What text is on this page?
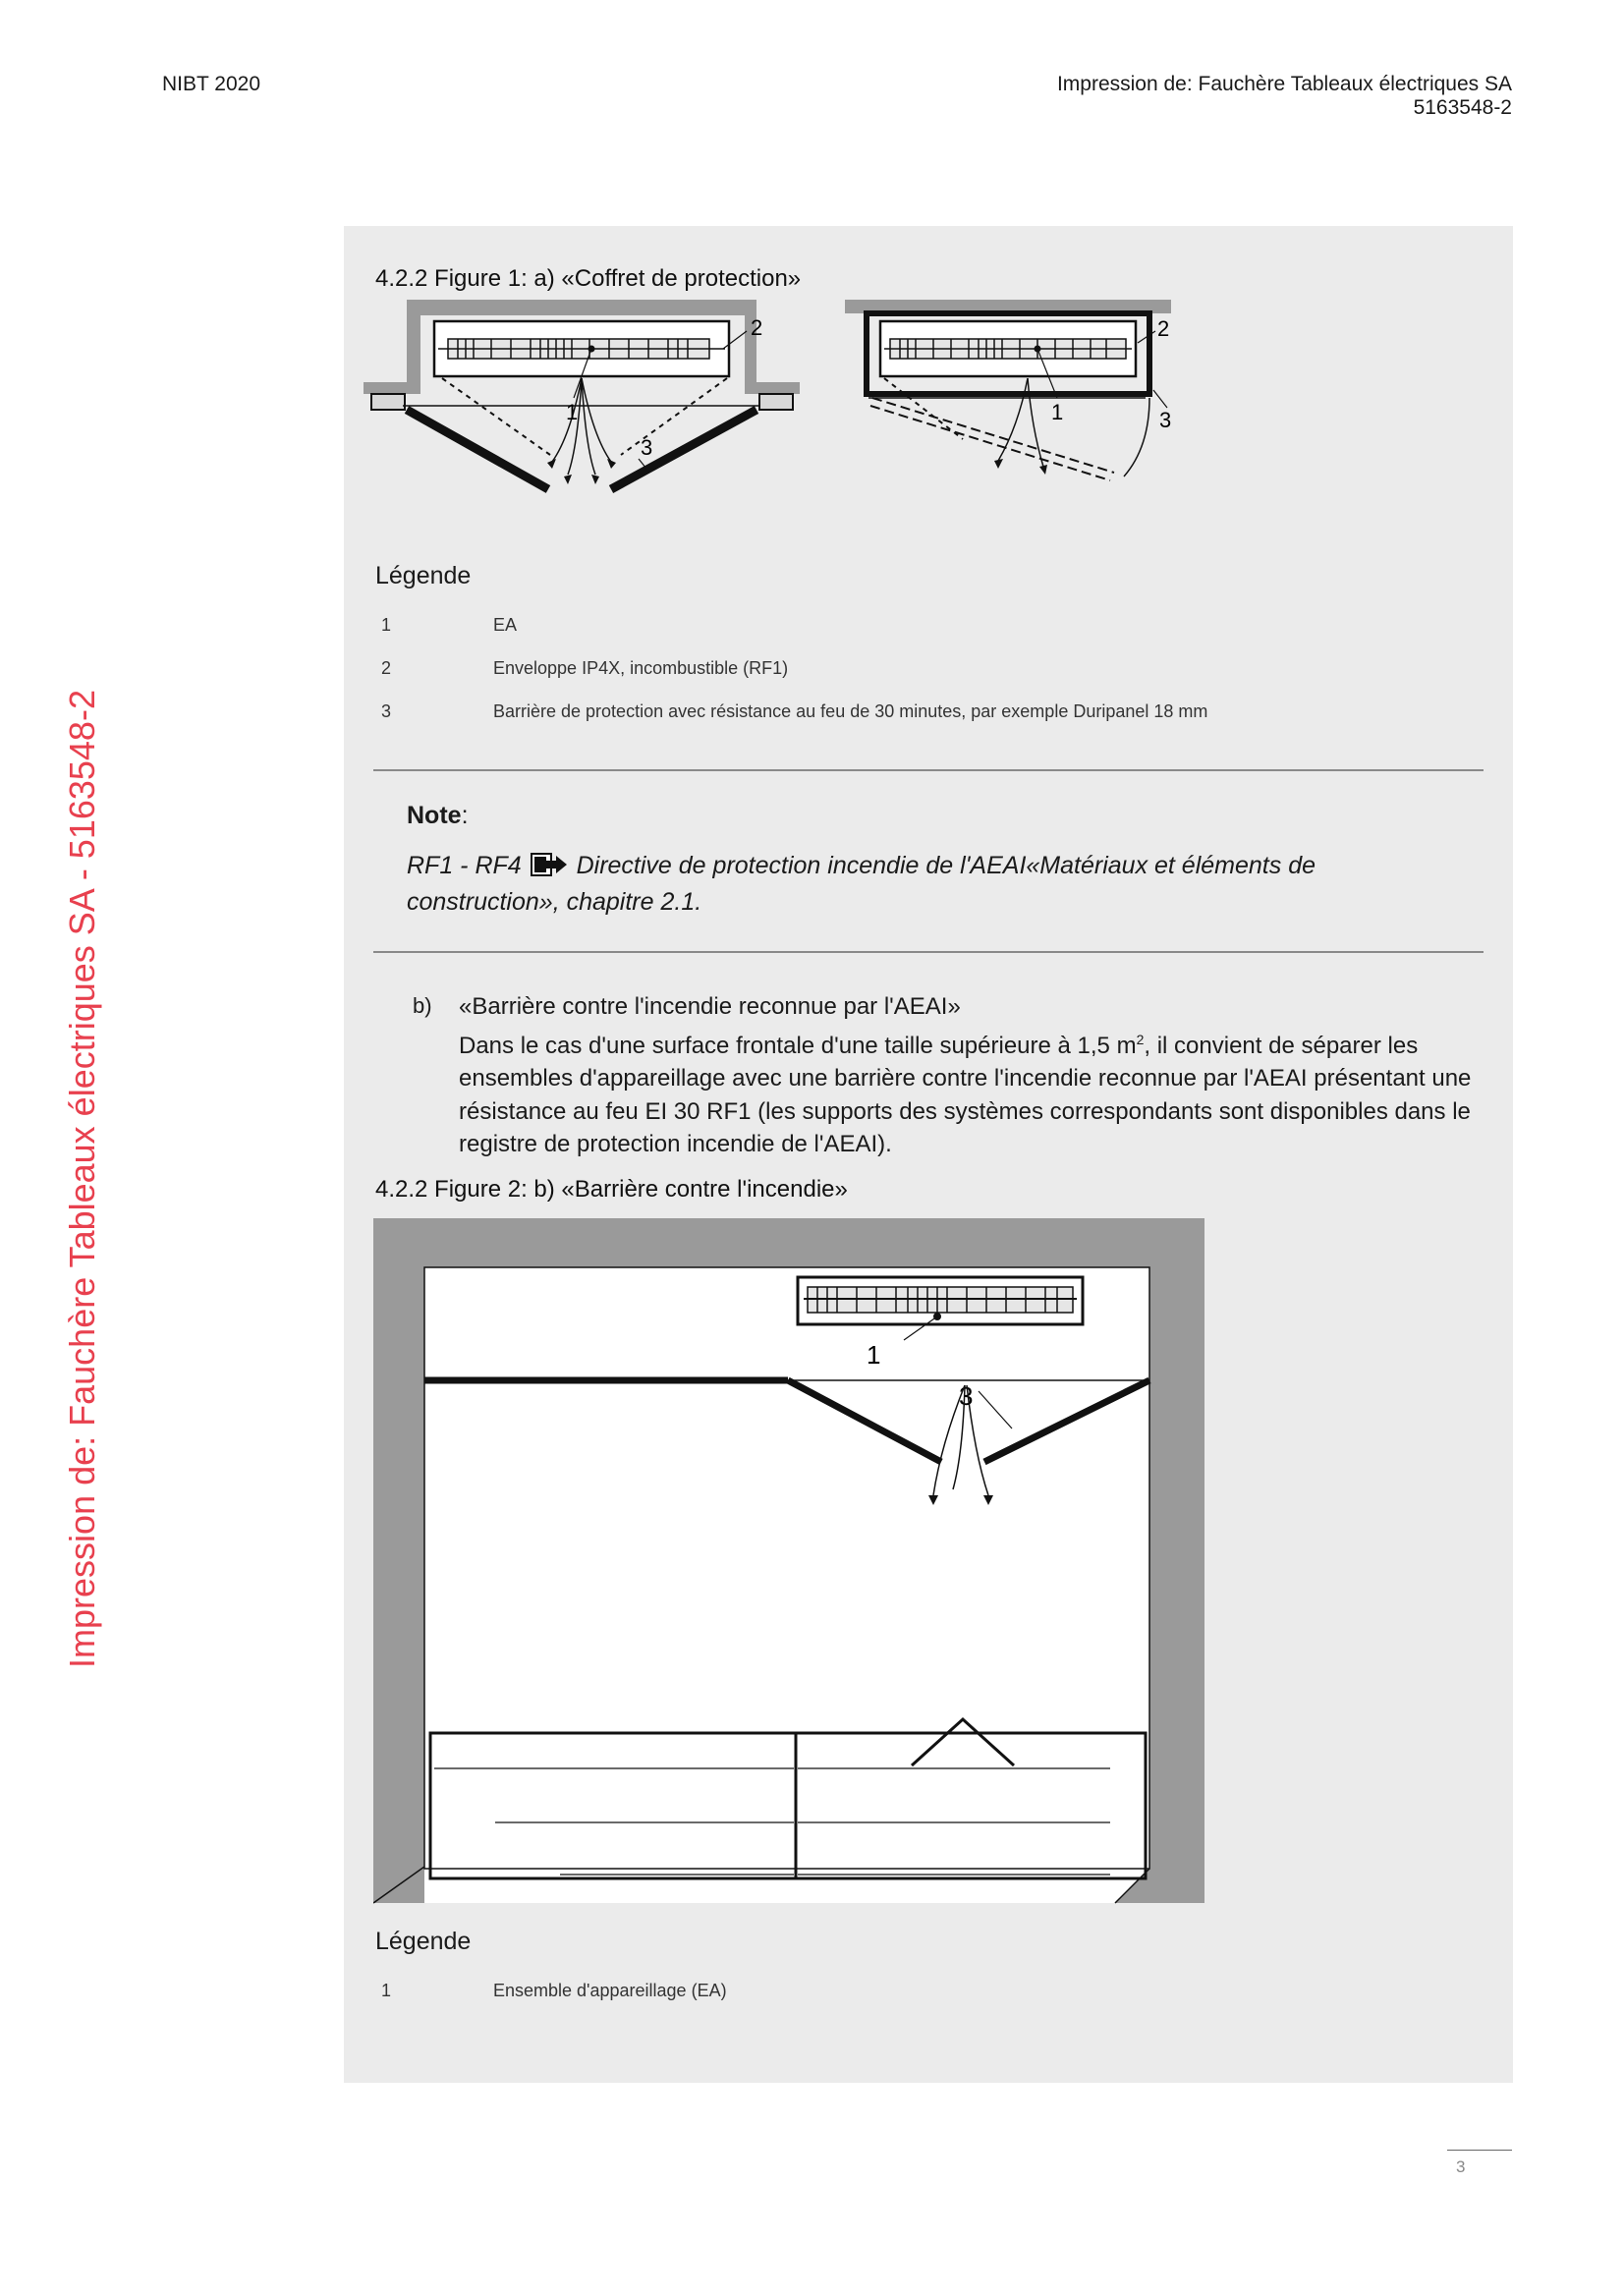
NIBT 2020	Impression de: Fauchère Tableaux électriques SA
5163548-2
Impression de: Fauchère Tableaux électriques SA - 5163548-2
4.2.2 Figure 1: a) «Coffret de protection»
1
2
3
1
2
3
Légende
1	EA
2	Enveloppe IP4X, incombustible (RF1)
3	Barrière de protection avec résistance au feu de 30 minutes, par exemple Duripanel 18 mm
Note:
RF1 - RF4 Directive de protection incendie de l'AEAI«Matériaux et éléments de construction», chapitre 2.1.
b) «Barrière contre l'incendie reconnue par l'AEAI»
Dans le cas d'une surface frontale d'une taille supérieure à 1,5 $m^2$, il convient de séparer les ensembles d'appareillage avec une barrière contre l'incendie reconnue par l'AEAI présentant une résistance au feu EI 30 RF1 (les supports des systèmes correspondants sont disponibles dans le registre de protection incendie de l'AEAI).
4.2.2 Figure 2: b) «Barrière contre l'incendie»
1
3
Légende
1	Ensemble d'appareillage (EA)
3
